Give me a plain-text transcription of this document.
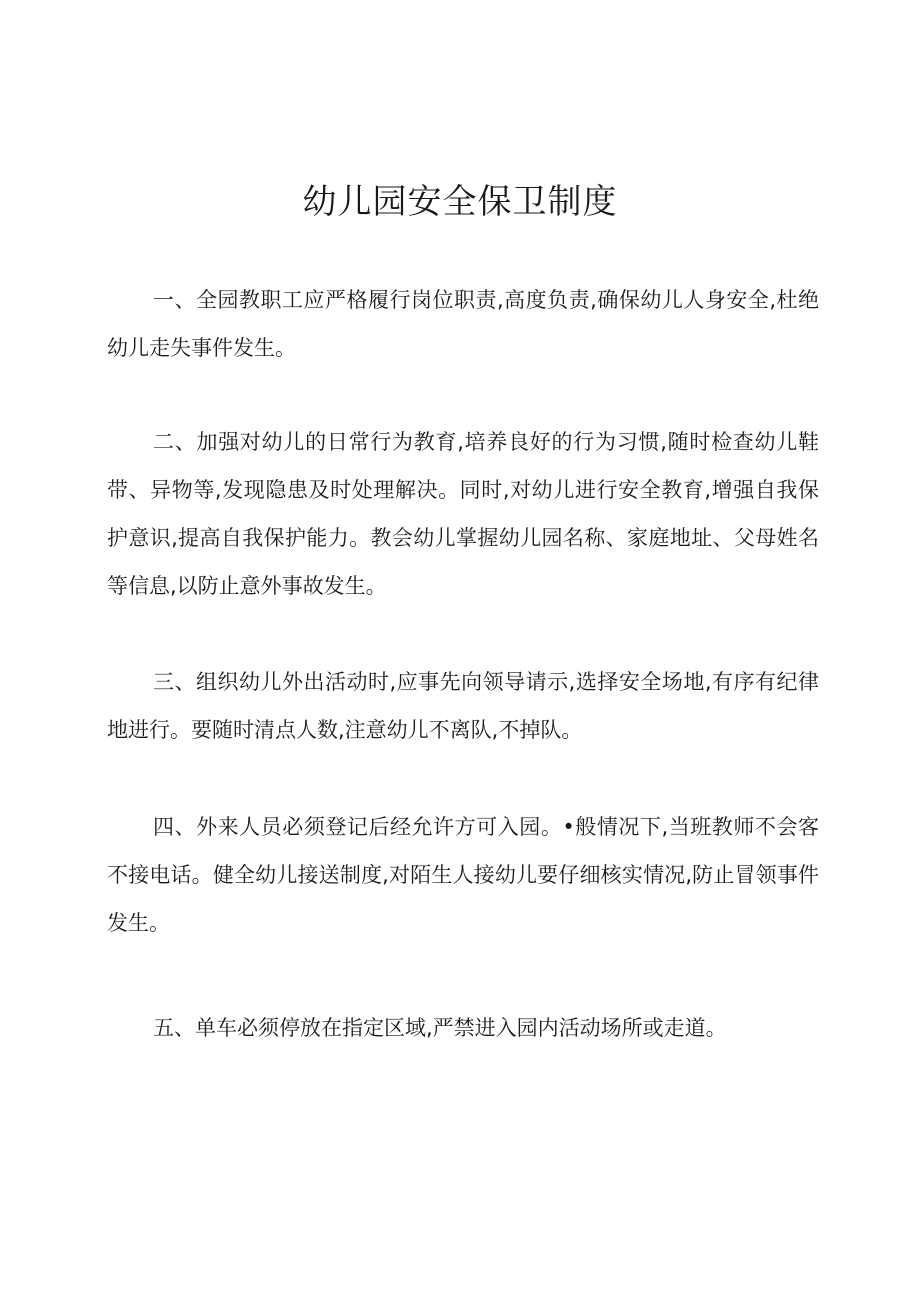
幼儿园安全保卫制度

一、全园教职工应严格履行岗位职责,高度负责,确保幼儿人身安全,杜绝幼儿走失事件发生。

二、加强对幼儿的日常行为教育,培养良好的行为习惯,随时检查幼儿鞋带、异物等,发现隐患及时处理解决。同时,对幼儿进行安全教育,增强自我保护意识,提高自我保护能力。教会幼儿掌握幼儿园名称、家庭地址、父母姓名等信息,以防止意外事故发生。

三、组织幼儿外出活动时,应事先向领导请示,选择安全场地,有序有纪律地进行。要随时清点人数,注意幼儿不离队,不掉队。

四、外来人员必须登记后经允许方可入园。•般情况下,当班教师不会客不接电话。健全幼儿接送制度,对陌生人接幼儿要仔细核实情况,防止冒领事件发生。

五、单车必须停放在指定区域,严禁进入园内活动场所或走道。
